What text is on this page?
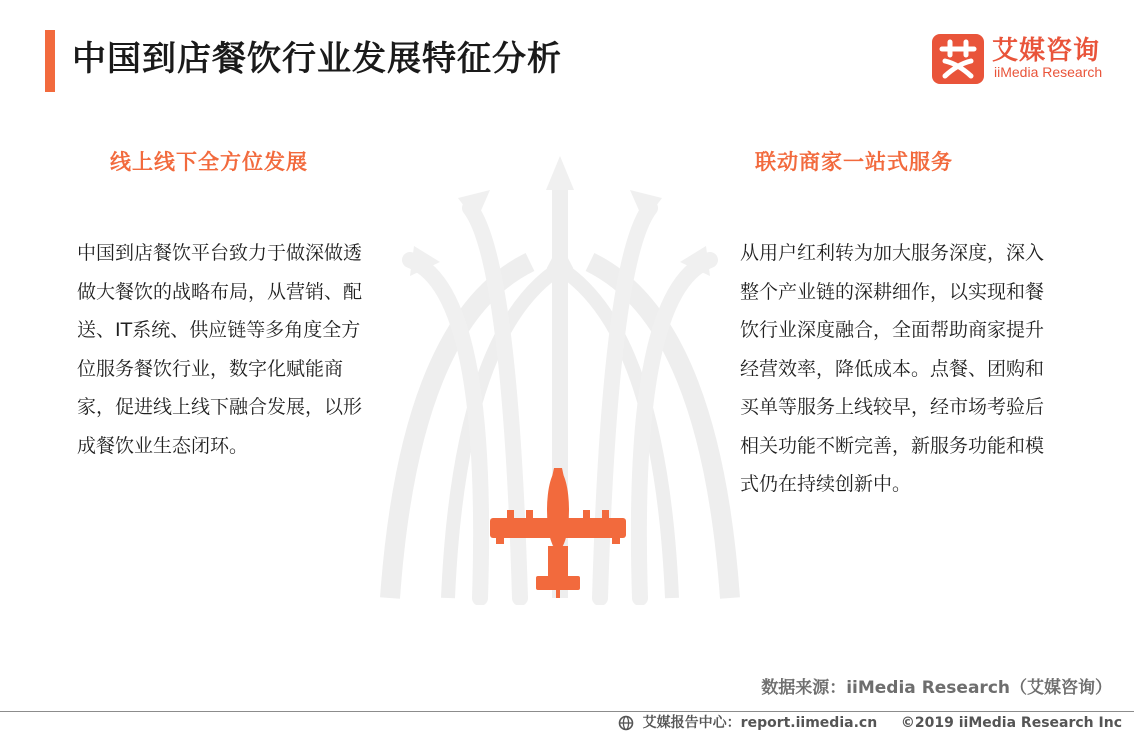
中国到店餐饮行业发展特征分析	艾媒咨询
iiMedia Research
线上线下全方位发展

中国到店餐饮平台致力于做深做透做大餐饮的战略布局，从营销、配送、IT系统、供应链等多角度全方位服务餐饮行业，数字化赋能商家，促进线上线下融合发展，以形成餐饮业生态闭环。

联动商家一站式服务

从用户红利转为加大服务深度，深入整个产业链的深耕细作，以实现和餐饮行业深度融合，全面帮助商家提升经营效率，降低成本。点餐、团购和买单等服务上线较早，经市场考验后相关功能不断完善，新服务功能和模式仍在持续创新中。

数据来源：iiMedia Research（艾媒咨询）
艾媒报告中心：report.iimedia.cn ©2019 iiMedia Research Inc
